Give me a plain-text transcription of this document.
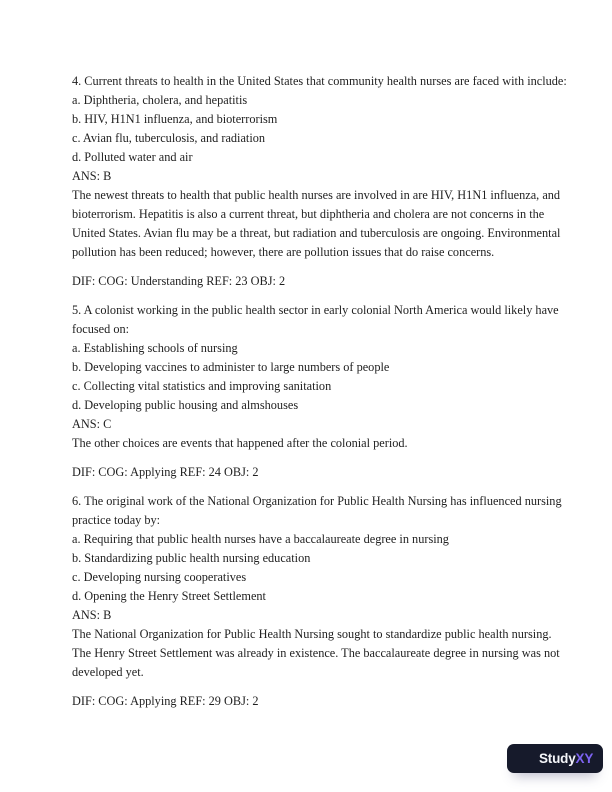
4. Current threats to health in the United States that community health nurses are faced with include:
a. Diphtheria, cholera, and hepatitis
b. HIV, H1N1 influenza, and bioterrorism
c. Avian flu, tuberculosis, and radiation
d. Polluted water and air
ANS: B
The newest threats to health that public health nurses are involved in are HIV, H1N1 influenza, and
bioterrorism. Hepatitis is also a current threat, but diphtheria and cholera are not concerns in the
United States. Avian flu may be a threat, but radiation and tuberculosis are ongoing. Environmental
pollution has been reduced; however, there are pollution issues that do raise concerns.
DIF: COG: Understanding REF: 23 OBJ: 2
5. A colonist working in the public health sector in early colonial North America would likely have
focused on:
a. Establishing schools of nursing
b. Developing vaccines to administer to large numbers of people
c. Collecting vital statistics and improving sanitation
d. Developing public housing and almshouses
ANS: C
The other choices are events that happened after the colonial period.
DIF: COG: Applying REF: 24 OBJ: 2
6. The original work of the National Organization for Public Health Nursing has influenced nursing
practice today by:
a. Requiring that public health nurses have a baccalaureate degree in nursing
b. Standardizing public health nursing education
c. Developing nursing cooperatives
d. Opening the Henry Street Settlement
ANS: B
The National Organization for Public Health Nursing sought to standardize public health nursing.
The Henry Street Settlement was already in existence. The baccalaureate degree in nursing was not
developed yet.
DIF: COG: Applying REF: 29 OBJ: 2
Study XY
